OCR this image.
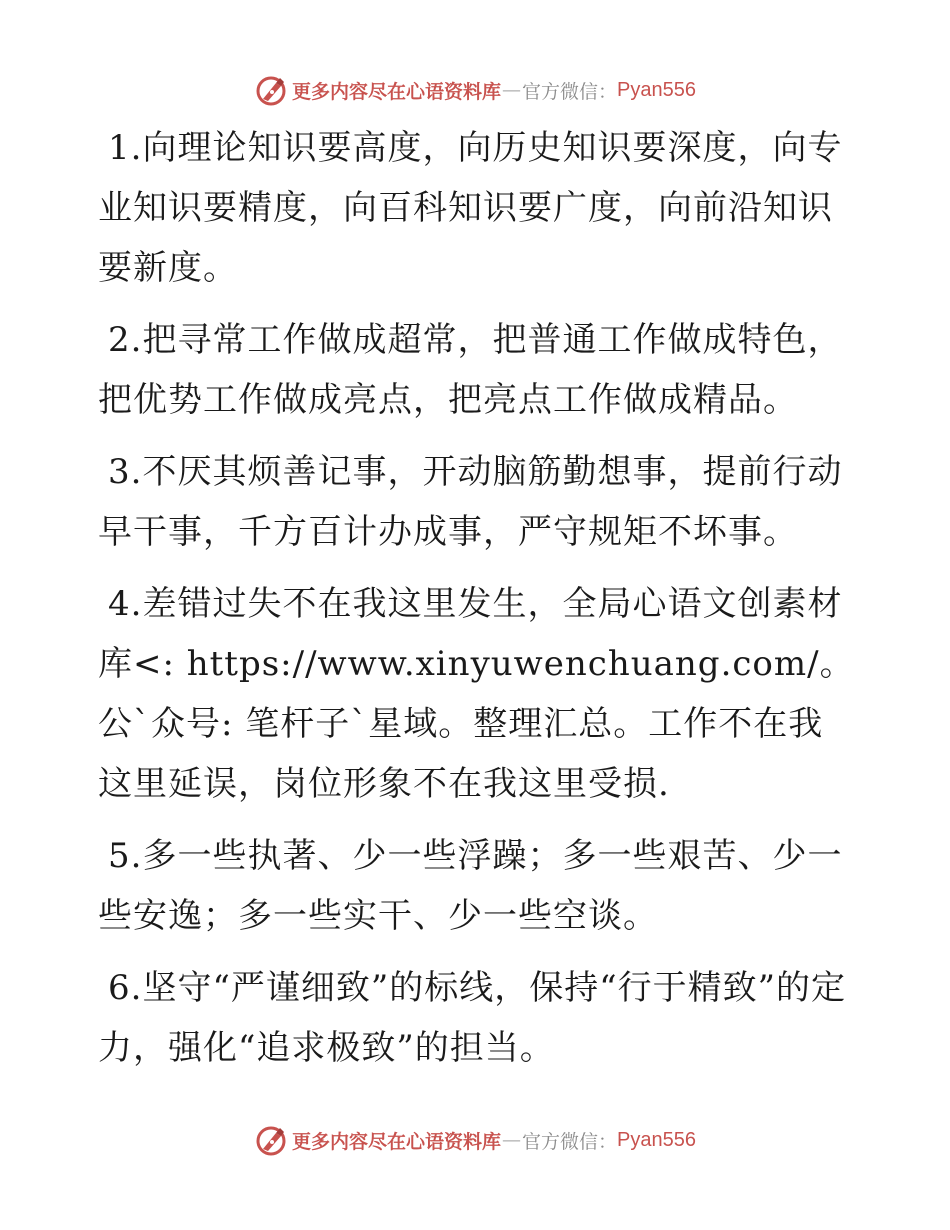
更多内容尽在心语资料库 — 官方微信： Pyan556

1.向理论知识要高度，向历史知识要深度，向专业知识要精度，向百科知识要广度，向前沿知识要新度。

2.把寻常工作做成超常，把普通工作做成特色，把优势工作做成亮点，把亮点工作做成精品。

3.不厌其烦善记事，开动脑筋勤想事，提前行动早干事，千方百计办成事，严守规矩不坏事。

4.差错过失不在我这里发生，全局心语文创素材库<: https://www.xinyuwenchuang.com/。公`众号: 笔杆子`星域。整理汇总。工作不在我这里延误，岗位形象不在我这里受损.

5.多一些执著、少一些浮躁；多一些艰苦、少一些安逸；多一些实干、少一些空谈。

6.坚守“严谨细致”的标线，保持“行于精致”的定力，强化“追求极致”的担当。

更多内容尽在心语资料库 — 官方微信： Pyan556
